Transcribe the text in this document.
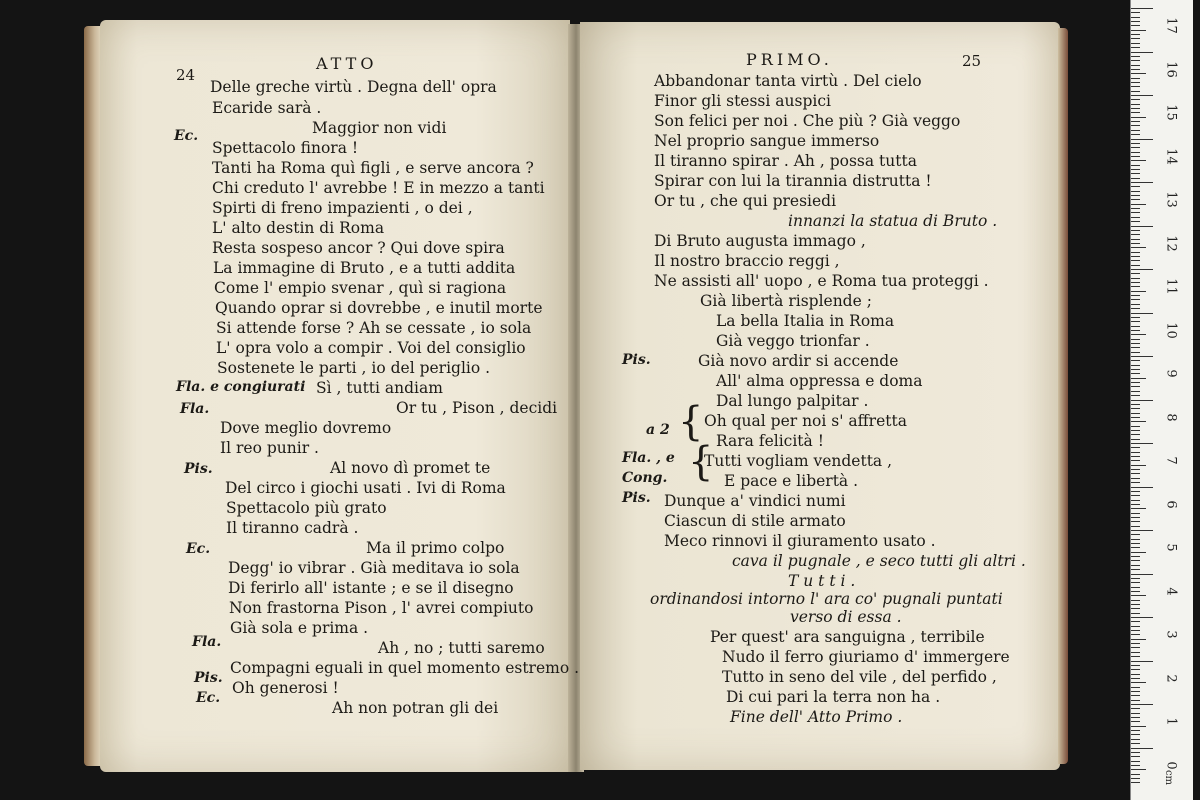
24
ATTO
Delle greche virtù . Degna dell' opra
Ecaride sarà .
Maggior non vidi
Spettacolo finora !
Tanti ha Roma quì figli , e serve ancora ?
Chi creduto l' avrebbe ! E in mezzo a tanti
Spirti di freno impazienti , o dei ,
L' alto destin di Roma
Resta sospeso ancor ? Qui dove spira
La immagine di Bruto , e a tutti addita
Come l' empio svenar , quì si ragiona
Quando oprar si dovrebbe , e inutil morte
Si attende forse ? Ah se cessate , io sola
L' opra volo a compir . Voi del consiglio
Sostenete le parti , io del periglio .
Sì , tutti andiam
Or tu , Pison , decidi
Dove meglio dovremo
Il reo punir .
Al novo dì promet te
Del circo i giochi usati . Ivi di Roma
Spettacolo più grato
Il tiranno cadrà .
Ma il primo colpo
Degg' io vibrar . Già meditava io sola
Di ferirlo all' istante ; e se il disegno
Non frastorna Pison , l' avrei compiuto
Già sola e prima .
Ah , no ; tutti saremo
Compagni eguali in quel momento estremo .
Oh generosi !
Ah non potran gli dei
Ec.
Fla. e congiurati
Fla.
Pis.
Ec.
Fla.
Pis.
Ec.
PRIMO.	25
Abbandonar tanta virtù . Del cielo
Finor gli stessi auspici
Son felici per noi . Che più ? Già veggo
Nel proprio sangue immerso
Il tiranno spirar . Ah , possa tutta
Spirar con lui la tirannia distrutta !
Or tu , che qui presiedi
innanzi la statua di Bruto .
Di Bruto augusta immago ,
Il nostro braccio reggi ,
Ne assisti all' uopo , e Roma tua proteggi .
Già libertà risplende ;
La bella Italia in Roma
Già veggo trionfar .
Già novo ardir si accende
All' alma oppressa e doma
Dal lungo palpitar .
Oh qual per noi s' affretta
Rara felicità !
Tutti vogliam vendetta ,
E pace e libertà .
Dunque a' vindici numi
Ciascun di stile armato
Meco rinnovi il giuramento usato .
cava il pugnale , e seco tutti gli altri .
T u t t i .
ordinandosi intorno l' ara co' pugnali puntati
verso di essa .
Per quest' ara sanguigna , terribile
Nudo il ferro giuriamo d' immergere
Tutto in seno del vile , del perfido ,
Di cui pari la terra non ha .
Fine dell' Atto Primo .
Pis.
a 2 {
Fla. , e
Cong. {
Pis.
17
16
15
14
13
12
11
10
9
8
7
6
5
4
3
2
1
0
cm
